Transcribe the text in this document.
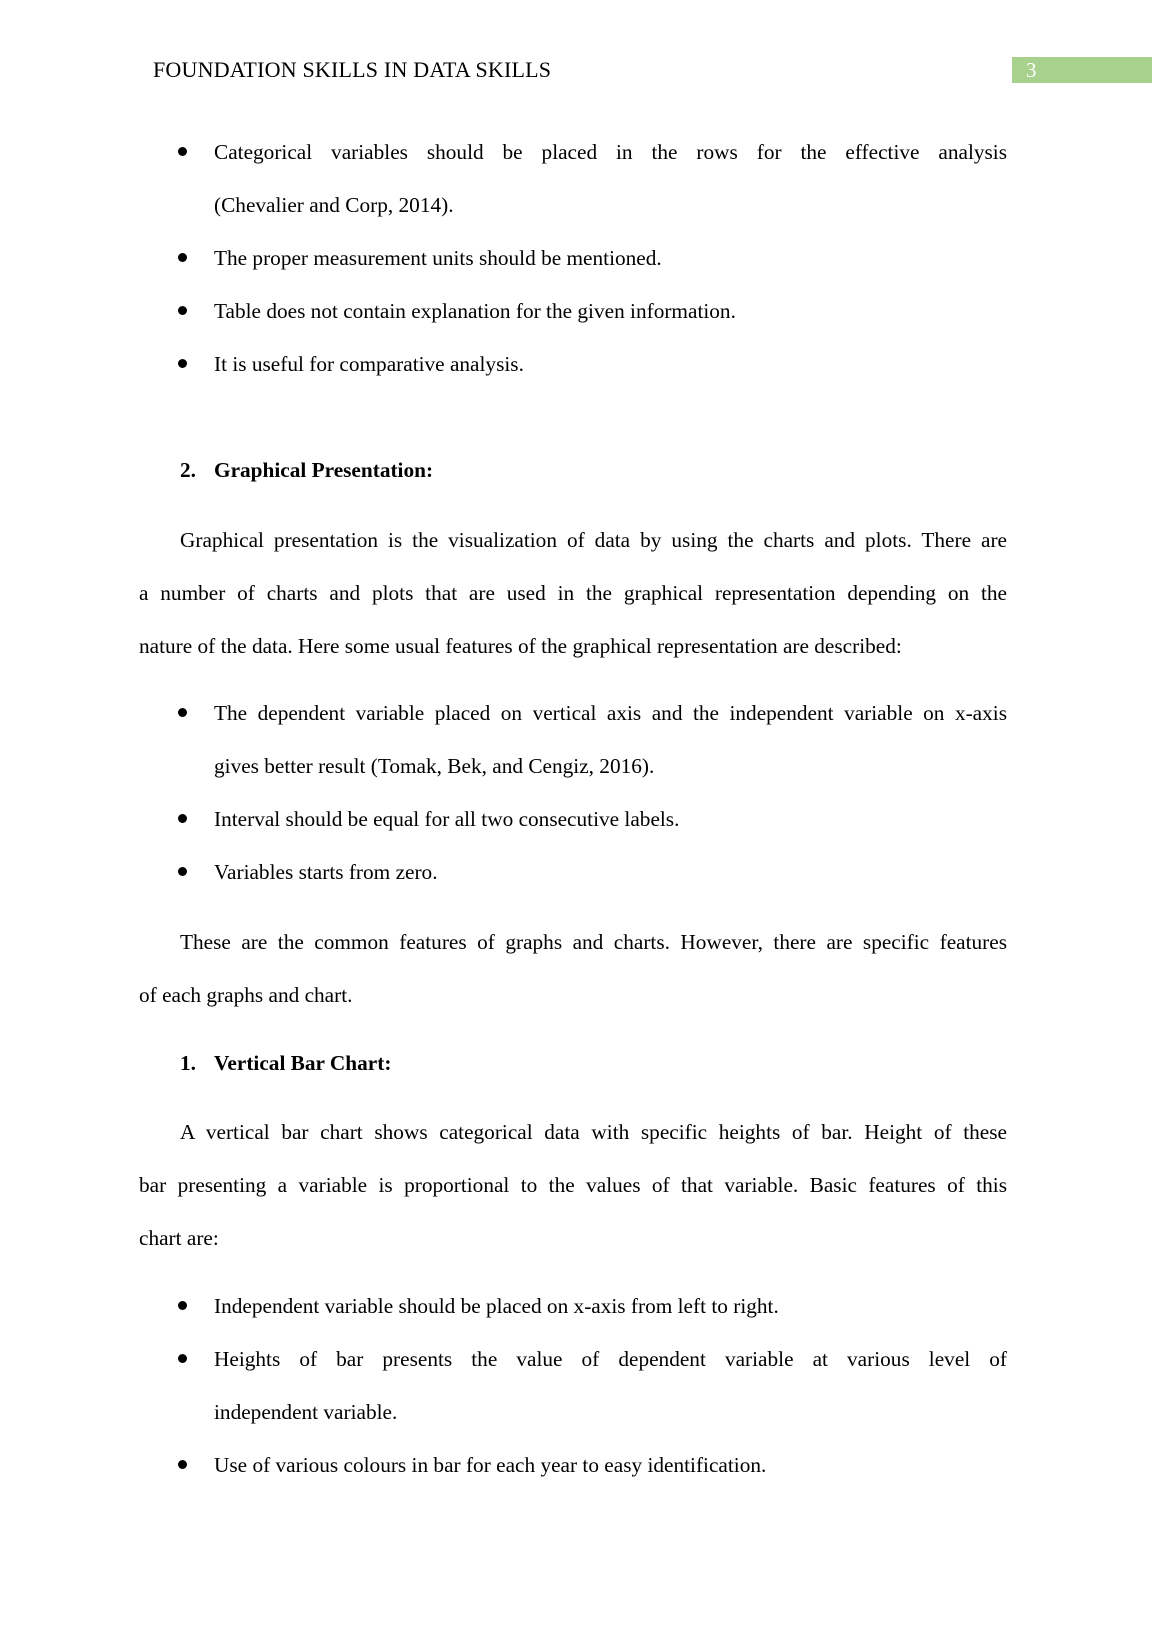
FOUNDATION SKILLS IN DATA SKILLS	3
Categorical variables should be placed in the rows for the effective analysis
(Chevalier and Corp, 2014).
The proper measurement units should be mentioned.
Table does not contain explanation for the given information.
It is useful for comparative analysis.
2. Graphical Presentation:
Graphical presentation is the visualization of data by using the charts and plots. There are
a number of charts and plots that are used in the graphical representation depending on the
nature of the data. Here some usual features of the graphical representation are described:
The dependent variable placed on vertical axis and the independent variable on x-axis
gives better result (Tomak, Bek, and Cengiz, 2016).
Interval should be equal for all two consecutive labels.
Variables starts from zero.
These are the common features of graphs and charts. However, there are specific features
of each graphs and chart.
1. Vertical Bar Chart:
A vertical bar chart shows categorical data with specific heights of bar. Height of these
bar presenting a variable is proportional to the values of that variable. Basic features of this
chart are:
Independent variable should be placed on x-axis from left to right.
Heights of bar presents the value of dependent variable at various level of
independent variable.
Use of various colours in bar for each year to easy identification.
